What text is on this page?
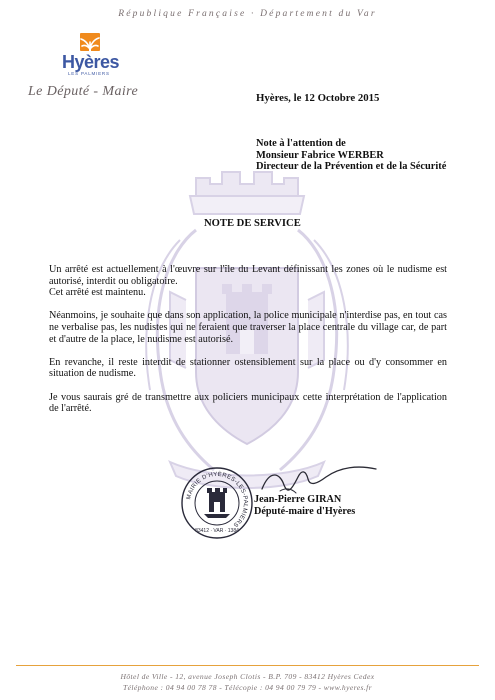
République Française · Département du Var
Hyères
LES PALMIERS
Le Député - Maire	Hyères, le 12 Octobre 2015
Note à l'attention de
Monsieur Fabrice WERBER
Directeur de la Prévention et de la Sécurité
NOTE DE SERVICE

Un arrêté est actuellement à l'œuvre sur l'île du Levant définissant les zones où le nudisme est autorisé, interdit ou obligatoire.

Cet arrêté est maintenu.

Néanmoins, je souhaite que dans son application, la police municipale n'interdise pas, en tout cas ne verbalise pas, les nudistes qui ne feraient que traverser la place centrale du village car, de part et d'autre de la place, le nudisme est autorisé.

En revanche, il reste interdit de stationner ostensiblement sur la place ou d'y consommer en situation de nudisme.

Je vous saurais gré de transmettre aux policiers municipaux cette interprétation de l'application de l'arrêté.

MAIRIE D'HYÈRES-LES-PALMIERS
83412 · VAR · 1384
Jean-Pierre GIRAN
Député-maire d'Hyères
Hôtel de Ville - 12, avenue Joseph Clotis - B.P. 709 - 83412 Hyères Cedex
Téléphone : 04 94 00 78 78 - Télécopie : 04 94 00 79 79 - www.hyeres.fr
